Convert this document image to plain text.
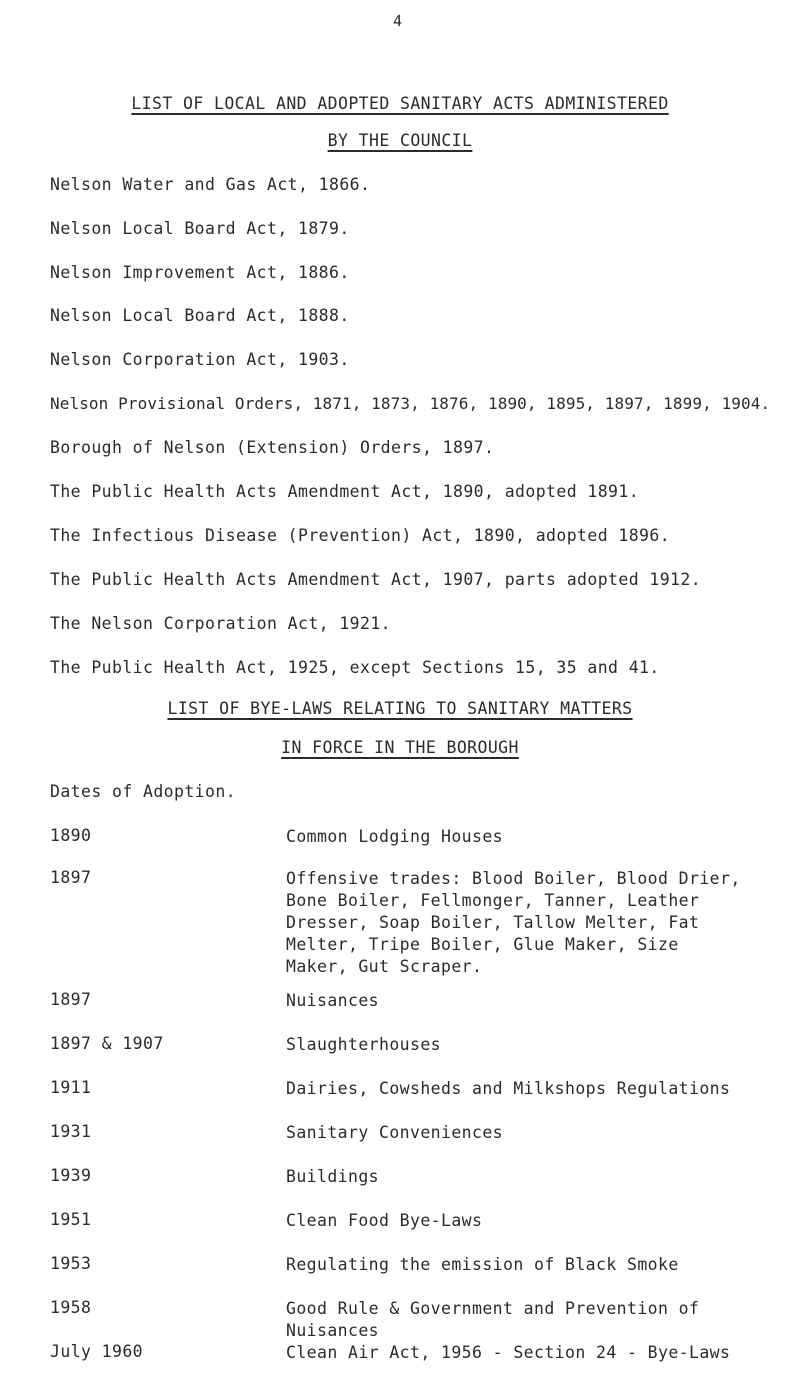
4
LIST OF LOCAL AND ADOPTED SANITARY ACTS ADMINISTERED
BY THE COUNCIL
Nelson Water and Gas Act, 1866.
Nelson Local Board Act, 1879.
Nelson Improvement Act, 1886.
Nelson Local Board Act, 1888.
Nelson Corporation Act, 1903.
Nelson Provisional Orders, 1871, 1873, 1876, 1890, 1895, 1897, 1899, 1904.
Borough of Nelson (Extension) Orders, 1897.
The Public Health Acts Amendment Act, 1890, adopted 1891.
The Infectious Disease (Prevention) Act, 1890, adopted 1896.
The Public Health Acts Amendment Act, 1907, parts adopted 1912.
The Nelson Corporation Act, 1921.
The Public Health Act, 1925, except Sections 15, 35 and 41.
LIST OF BYE-LAWS RELATING TO SANITARY MATTERS
IN FORCE IN THE BOROUGH
Dates of Adoption.
1890	Common Lodging Houses
1897	Offensive trades: Blood Boiler, Blood Drier, Bone Boiler, Fellmonger, Tanner, Leather Dresser, Soap Boiler, Tallow Melter, Fat Melter, Tripe Boiler, Glue Maker, Size Maker, Gut Scraper.
1897	Nuisances
1897 & 1907	Slaughterhouses
1911	Dairies, Cowsheds and Milkshops Regulations
1931	Sanitary Conveniences
1939	Buildings
1951	Clean Food Bye-Laws
1953	Regulating the emission of Black Smoke
1958	Good Rule & Government and Prevention of Nuisances
July 1960	Clean Air Act, 1956 - Section 24 - Bye-Laws
